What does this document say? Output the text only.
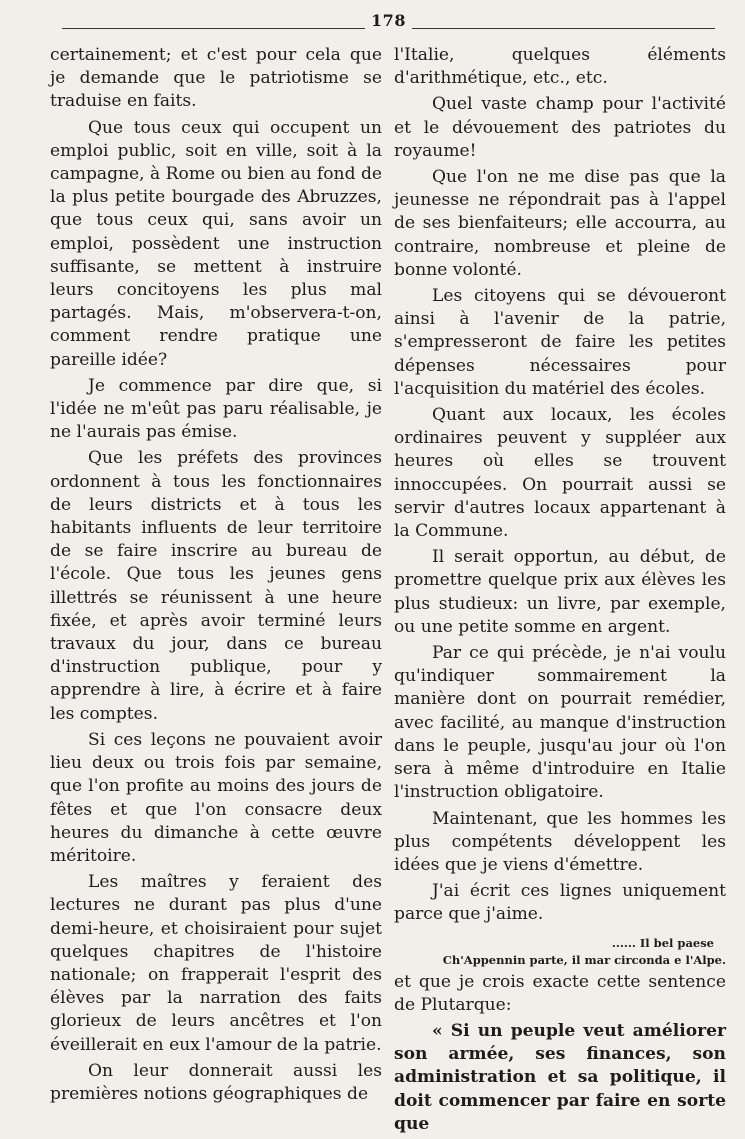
178

certainement; et c'est pour cela que je demande que le patriotisme se traduise en faits.

Que tous ceux qui occupent un emploi public, soit en ville, soit à la campagne, à Rome ou bien au fond de la plus petite bourgade des Abruzzes, que tous ceux qui, sans avoir un emploi, possèdent une instruction suffisante, se mettent à instruire leurs concitoyens les plus mal partagés. Mais, m'observera-t-on, comment rendre pratique une pareille idée?

Je commence par dire que, si l'idée ne m'eût pas paru réalisable, je ne l'aurais pas émise.

Que les préfets des provinces ordonnent à tous les fonctionnaires de leurs districts et à tous les habitants influents de leur territoire de se faire inscrire au bureau de l'école. Que tous les jeunes gens illettrés se réunissent à une heure fixée, et après avoir terminé leurs travaux du jour, dans ce bureau d'instruction publique, pour y apprendre à lire, à écrire et à faire les comptes.

Si ces leçons ne pouvaient avoir lieu deux ou trois fois par semaine, que l'on profite au moins des jours de fêtes et que l'on consacre deux heures du dimanche à cette œuvre méritoire.

Les maîtres y feraient des lectures ne durant pas plus d'une demi-heure, et choisiraient pour sujet quelques chapitres de l'histoire nationale; on frapperait l'esprit des élèves par la narration des faits glorieux de leurs ancêtres et l'on éveillerait en eux l'amour de la patrie.

On leur donnerait aussi les premières notions géographiques de

l'Italie, quelques éléments d'arithmétique, etc., etc.

Quel vaste champ pour l'activité et le dévouement des patriotes du royaume!

Que l'on ne me dise pas que la jeunesse ne répondrait pas à l'appel de ses bienfaiteurs; elle accourra, au contraire, nombreuse et pleine de bonne volonté.

Les citoyens qui se dévoueront ainsi à l'avenir de la patrie, s'empresseront de faire les petites dépenses nécessaires pour l'acquisition du matériel des écoles.

Quant aux locaux, les écoles ordinaires peuvent y suppléer aux heures où elles se trouvent innoccupées. On pourrait aussi se servir d'autres locaux appartenant à la Commune.

Il serait opportun, au début, de promettre quelque prix aux élèves les plus studieux: un livre, par exemple, ou une petite somme en argent.

Par ce qui précède, je n'ai voulu qu'indiquer sommairement la manière dont on pourrait remédier, avec facilité, au manque d'instruction dans le peuple, jusqu'au jour où l'on sera à même d'introduire en Italie l'instruction obligatoire.

Maintenant, que les hommes les plus compétents développent les idées que je viens d'émettre.

J'ai écrit ces lignes uniquement parce que j'aime.

...... Il bel paese
Ch'Appennin parte, il mar circonda e l'Alpe.

et que je crois exacte cette sentence de Plutarque:

« Si un peuple veut améliorer son armée, ses finances, son administration et sa politique, il doit commencer par faire en sorte que
